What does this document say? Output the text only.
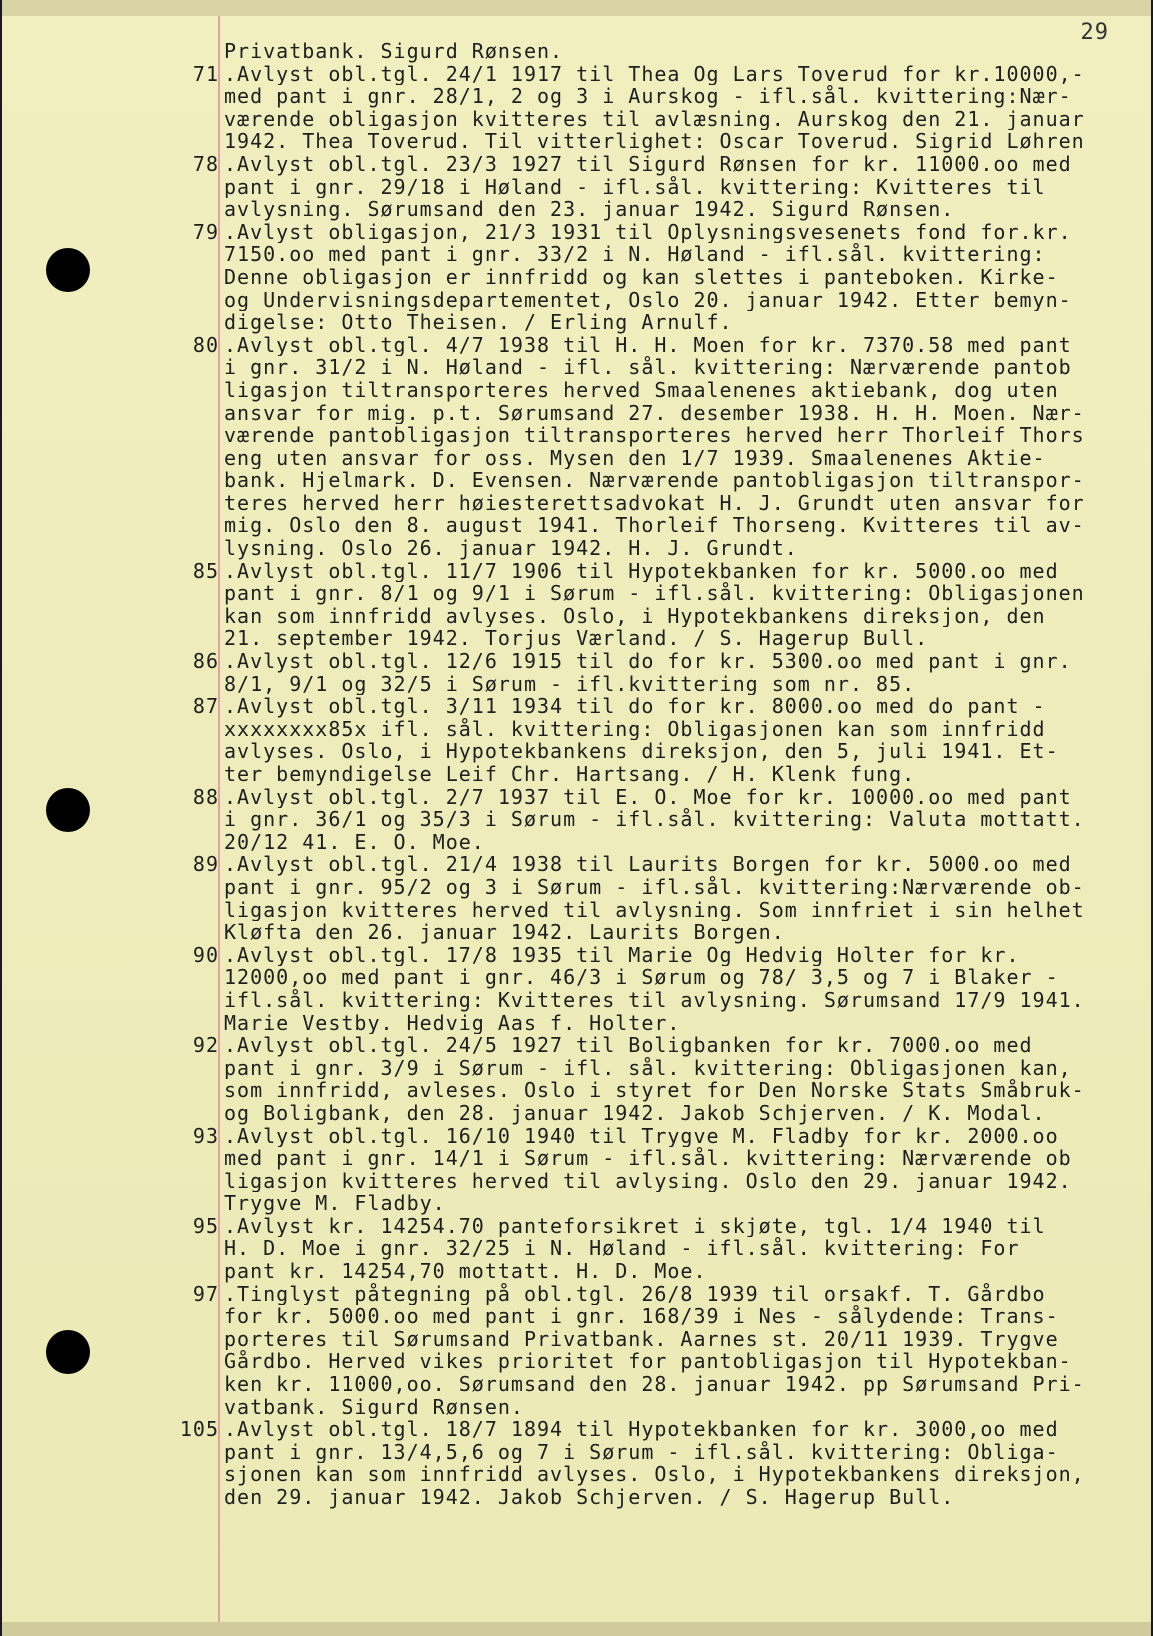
29
Privatbank. Sigurd Rønsen.
71 .Avlyst obl.tgl. 24/1 1917 til Thea Og Lars Toverud for kr.10000,-
med pant i gnr. 28/1, 2 og 3 i Aurskog - ifl.sål. kvittering:Nær-
værende obligasjon kvitteres til avlæsning. Aurskog den 21. januar
1942. Thea Toverud. Til vitterlighet: Oscar Toverud. Sigrid Løhren
78 .Avlyst obl.tgl. 23/3 1927 til Sigurd Rønsen for kr. 11000.oo med
pant i gnr. 29/18 i Høland - ifl.sål. kvittering: Kvitteres til
avlysning. Sørumsand den 23. januar 1942. Sigurd Rønsen.
79 .Avlyst obligasjon, 21/3 1931 til Oplysningsvesenets fond for.kr.
7150.oo med pant i gnr. 33/2 i N. Høland - ifl.sål. kvittering:
Denne obligasjon er innfridd og kan slettes i panteboken. Kirke-
og Undervisningsdepartementet, Oslo 20. januar 1942. Etter bemyn-
digelse: Otto Theisen. / Erling Arnulf.
80 .Avlyst obl.tgl. 4/7 1938 til H. H. Moen for kr. 7370.58 med pant
i gnr. 31/2 i N. Høland - ifl. sål. kvittering: Nærværende pantob
ligasjon tiltransporteres herved Smaalenenes aktiebank, dog uten
ansvar for mig. p.t. Sørumsand 27. desember 1938. H. H. Moen. Nær-
værende pantobligasjon tiltransporteres herved herr Thorleif Thors
eng uten ansvar for oss. Mysen den 1/7 1939. Smaalenenes Aktie-
bank. Hjelmark. D. Evensen. Nærværende pantobligasjon tiltranspor-
teres herved herr høiesterettsadvokat H. J. Grundt uten ansvar for
mig. Oslo den 8. august 1941. Thorleif Thorseng. Kvitteres til av-
lysning. Oslo 26. januar 1942. H. J. Grundt.
85 .Avlyst obl.tgl. 11/7 1906 til Hypotekbanken for kr. 5000.oo med
pant i gnr. 8/1 og 9/1 i Sørum - ifl.sål. kvittering: Obligasjonen
kan som innfridd avlyses. Oslo, i Hypotekbankens direksjon, den
21. september 1942. Torjus Værland. / S. Hagerup Bull.
86 .Avlyst obl.tgl. 12/6 1915 til do for kr. 5300.oo med pant i gnr.
8/1, 9/1 og 32/5 i Sørum - ifl.kvittering som nr. 85.
87 .Avlyst obl.tgl. 3/11 1934 til do for kr. 8000.oo med do pant -
xxxxxxxx85x ifl. sål. kvittering: Obligasjonen kan som innfridd
avlyses. Oslo, i Hypotekbankens direksjon, den 5, juli 1941. Et-
ter bemyndigelse Leif Chr. Hartsang. / H. Klenk fung.
88 .Avlyst obl.tgl. 2/7 1937 til E. O. Moe for kr. 10000.oo med pant
i gnr. 36/1 og 35/3 i Sørum - ifl.sål. kvittering: Valuta mottatt.
20/12 41. E. O. Moe.
89 .Avlyst obl.tgl. 21/4 1938 til Laurits Borgen for kr. 5000.oo med
pant i gnr. 95/2 og 3 i Sørum - ifl.sål. kvittering:Nærværende ob-
ligasjon kvitteres herved til avlysning. Som innfriet i sin helhet
Kløfta den 26. januar 1942. Laurits Borgen.
90 .Avlyst obl.tgl. 17/8 1935 til Marie Og Hedvig Holter for kr.
12000,oo med pant i gnr. 46/3 i Sørum og 78/ 3,5 og 7 i Blaker -
ifl.sål. kvittering: Kvitteres til avlysning. Sørumsand 17/9 1941.
Marie Vestby. Hedvig Aas f. Holter.
92 .Avlyst obl.tgl. 24/5 1927 til Boligbanken for kr. 7000.oo med
pant i gnr. 3/9 i Sørum - ifl. sål. kvittering: Obligasjonen kan,
som innfridd, avleses. Oslo i styret for Den Norske Stats Småbruk-
og Boligbank, den 28. januar 1942. Jakob Schjerven. / K. Modal.
93 .Avlyst obl.tgl. 16/10 1940 til Trygve M. Fladby for kr. 2000.oo
med pant i gnr. 14/1 i Sørum - ifl.sål. kvittering: Nærværende ob
ligasjon kvitteres herved til avlysing. Oslo den 29. januar 1942.
Trygve M. Fladby.
95 .Avlyst kr. 14254.70 panteforsikret i skjøte, tgl. 1/4 1940 til
H. D. Moe i gnr. 32/25 i N. Høland - ifl.sål. kvittering: For
pant kr. 14254,70 mottatt. H. D. Moe.
97 .Tinglyst påtegning på obl.tgl. 26/8 1939 til orsakf. T. Gårdbo
for kr. 5000.oo med pant i gnr. 168/39 i Nes - sålydende: Trans-
porteres til Sørumsand Privatbank. Aarnes st. 20/11 1939. Trygve
Gårdbo. Herved vikes prioritet for pantobligasjon til Hypotekban-
ken kr. 11000,oo. Sørumsand den 28. januar 1942. pp Sørumsand Pri-
vatbank. Sigurd Rønsen.
105 .Avlyst obl.tgl. 18/7 1894 til Hypotekbanken for kr. 3000,oo med
pant i gnr. 13/4,5,6 og 7 i Sørum - ifl.sål. kvittering: Obliga-
sjonen kan som innfridd avlyses. Oslo, i Hypotekbankens direksjon,
den 29. januar 1942. Jakob Schjerven. / S. Hagerup Bull.
